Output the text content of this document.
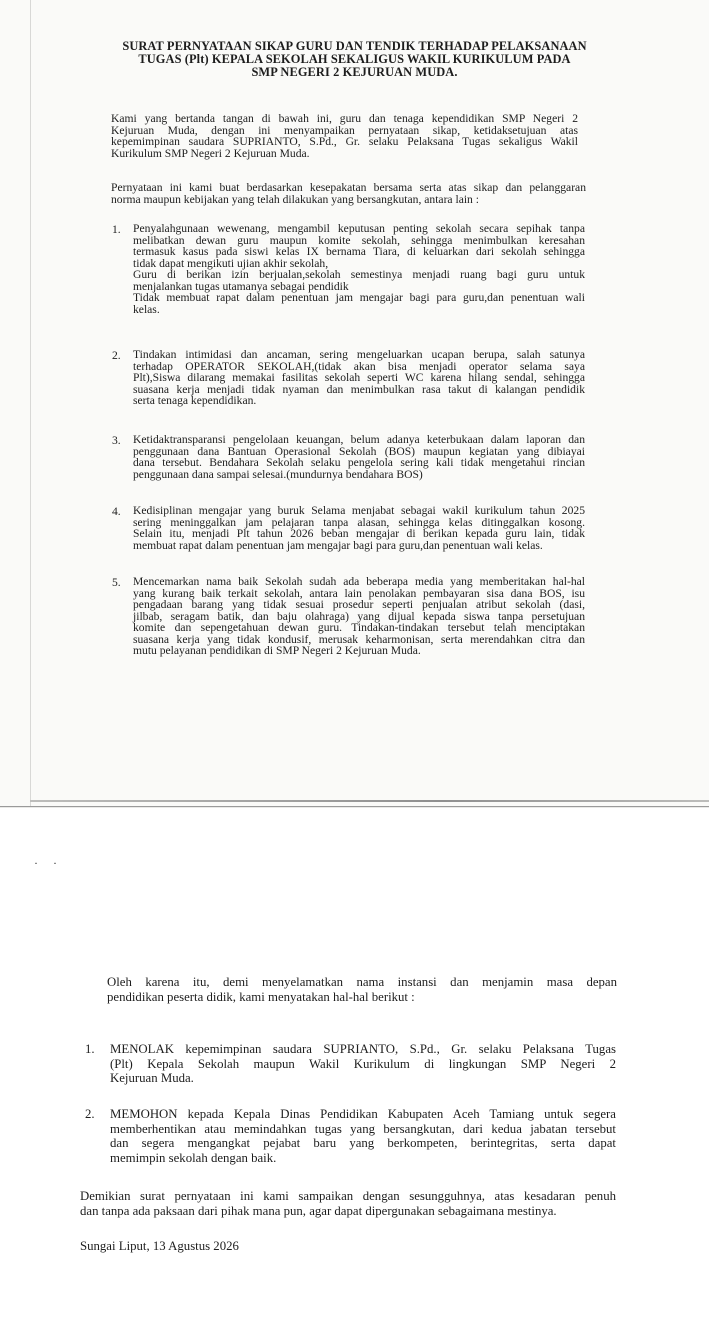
SURAT PERNYATAAN SIKAP GURU DAN TENDIK TERHADAP PELAKSANAAN
TUGAS (Plt) KEPALA SEKOLAH SEKALIGUS WAKIL KURIKULUM PADA
SMP NEGERI 2 KEJURUAN MUDA.
Kami yang bertanda tangan di bawah ini, guru dan tenaga kependidikan SMP Negeri 2
Kejuruan Muda, dengan ini menyampaikan pernyataan sikap, ketidaksetujuan atas
kepemimpinan saudara SUPRIANTO, S.Pd., Gr. selaku Pelaksana Tugas sekaligus Wakil
Kurikulum SMP Negeri 2 Kejuruan Muda.
Pernyataan ini kami buat berdasarkan kesepakatan bersama serta atas sikap dan pelanggaran
norma maupun kebijakan yang telah dilakukan yang bersangkutan, antara lain :
1. Penyalahgunaan wewenang, mengambil keputusan penting sekolah secara sepihak tanpa
melibatkan dewan guru maupun komite sekolah, sehingga menimbulkan keresahan
termasuk kasus pada siswi kelas IX bernama Tiara, di keluarkan dari sekolah sehingga
tidak dapat mengikuti ujian akhir sekolah,
Guru di berikan izin berjualan,sekolah semestinya menjadi ruang bagi guru untuk
menjalankan tugas utamanya sebagai pendidik
Tidak membuat rapat dalam penentuan jam mengajar bagi para guru,dan penentuan wali
kelas.
2. Tindakan intimidasi dan ancaman, sering mengeluarkan ucapan berupa, salah satunya
terhadap OPERATOR SEKOLAH,(tidak akan bisa menjadi operator selama saya
Plt),Siswa dilarang memakai fasilitas sekolah seperti WC karena hilang sendal, sehingga
suasana kerja menjadi tidak nyaman dan menimbulkan rasa takut di kalangan pendidik
serta tenaga kependidikan.
3. Ketidaktransparansi pengelolaan keuangan, belum adanya keterbukaan dalam laporan dan
penggunaan dana Bantuan Operasional Sekolah (BOS) maupun kegiatan yang dibiayai
dana tersebut. Bendahara Sekolah selaku pengelola sering kali tidak mengetahui rincian
penggunaan dana sampai selesai.(mundurnya bendahara BOS)
4. Kedisiplinan mengajar yang buruk Selama menjabat sebagai wakil kurikulum tahun 2025
sering meninggalkan jam pelajaran tanpa alasan, sehingga kelas ditinggalkan kosong.
Selain itu, menjadi Plt tahun 2026 beban mengajar di berikan kepada guru lain, tidak
membuat rapat dalam penentuan jam mengajar bagi para guru,dan penentuan wali kelas.
5. Mencemarkan nama baik Sekolah sudah ada beberapa media yang memberitakan hal-hal
yang kurang baik terkait sekolah, antara lain penolakan pembayaran sisa dana BOS, isu
pengadaan barang yang tidak sesuai prosedur seperti penjualan atribut sekolah (dasi,
jilbab, seragam batik, dan baju olahraga) yang dijual kepada siswa tanpa persetujuan
komite dan sepengetahuan dewan guru. Tindakan-tindakan tersebut telah menciptakan
suasana kerja yang tidak kondusif, merusak keharmonisan, serta merendahkan citra dan
mutu pelayanan pendidikan di SMP Negeri 2 Kejuruan Muda.
· ·
Oleh karena itu, demi menyelamatkan nama instansi dan menjamin masa depan
pendidikan peserta didik, kami menyatakan hal-hal berikut :
1. MENOLAK kepemimpinan saudara SUPRIANTO, S.Pd., Gr. selaku Pelaksana Tugas
(Plt) Kepala Sekolah maupun Wakil Kurikulum di lingkungan SMP Negeri 2
Kejuruan Muda.
2. MEMOHON kepada Kepala Dinas Pendidikan Kabupaten Aceh Tamiang untuk segera
memberhentikan atau memindahkan tugas yang bersangkutan, dari kedua jabatan tersebut
dan segera mengangkat pejabat baru yang berkompeten, berintegritas, serta dapat
memimpin sekolah dengan baik.
Demikian surat pernyataan ini kami sampaikan dengan sesungguhnya, atas kesadaran penuh
dan tanpa ada paksaan dari pihak mana pun, agar dapat dipergunakan sebagaimana mestinya.
Sungai Liput, 13 Agustus 2026
